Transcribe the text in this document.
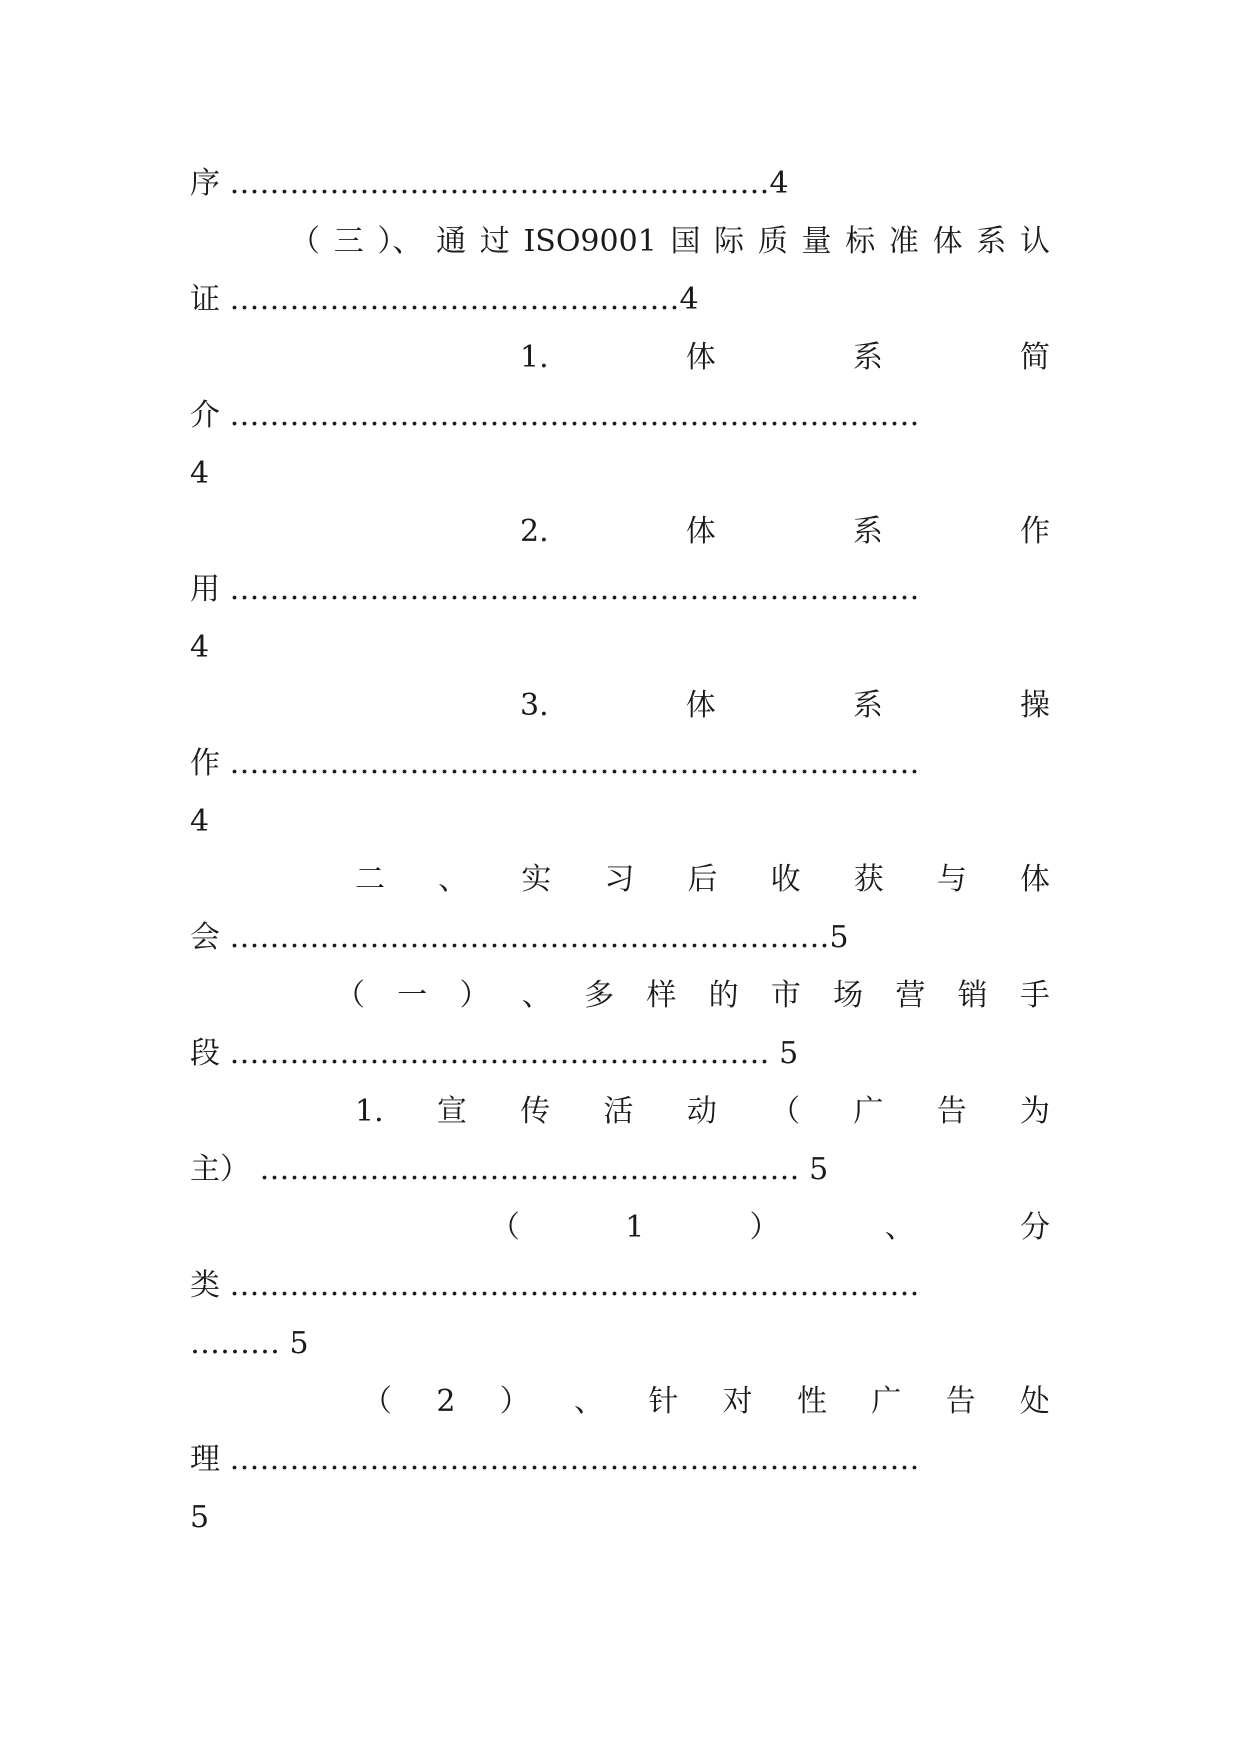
序 ………………………………………………4
（ 三 ）、 通 过 ISO9001 国 际 质 量 标 准 体 系 认
证 ………………………………………4
1.	体	系	简
介 ……………………………………………………………
4
2.	体	系	作
用 ……………………………………………………………
4
3.	体	系	操
作 ……………………………………………………………
4
二 、 实 习 后 收 获 与 体
会 ……………………………………………………5
（ 一 ） 、 多 样 的 市 场 营 销 手
段 ……………………………………………… 5
1. 宣 传 活 动 （ 广 告 为
主） ……………………………………………… 5
（	1	）	、	分
类 ……………………………………………………………
……… 5
（ 2 ） 、 针 对 性 广 告 处
理 ……………………………………………………………
5
